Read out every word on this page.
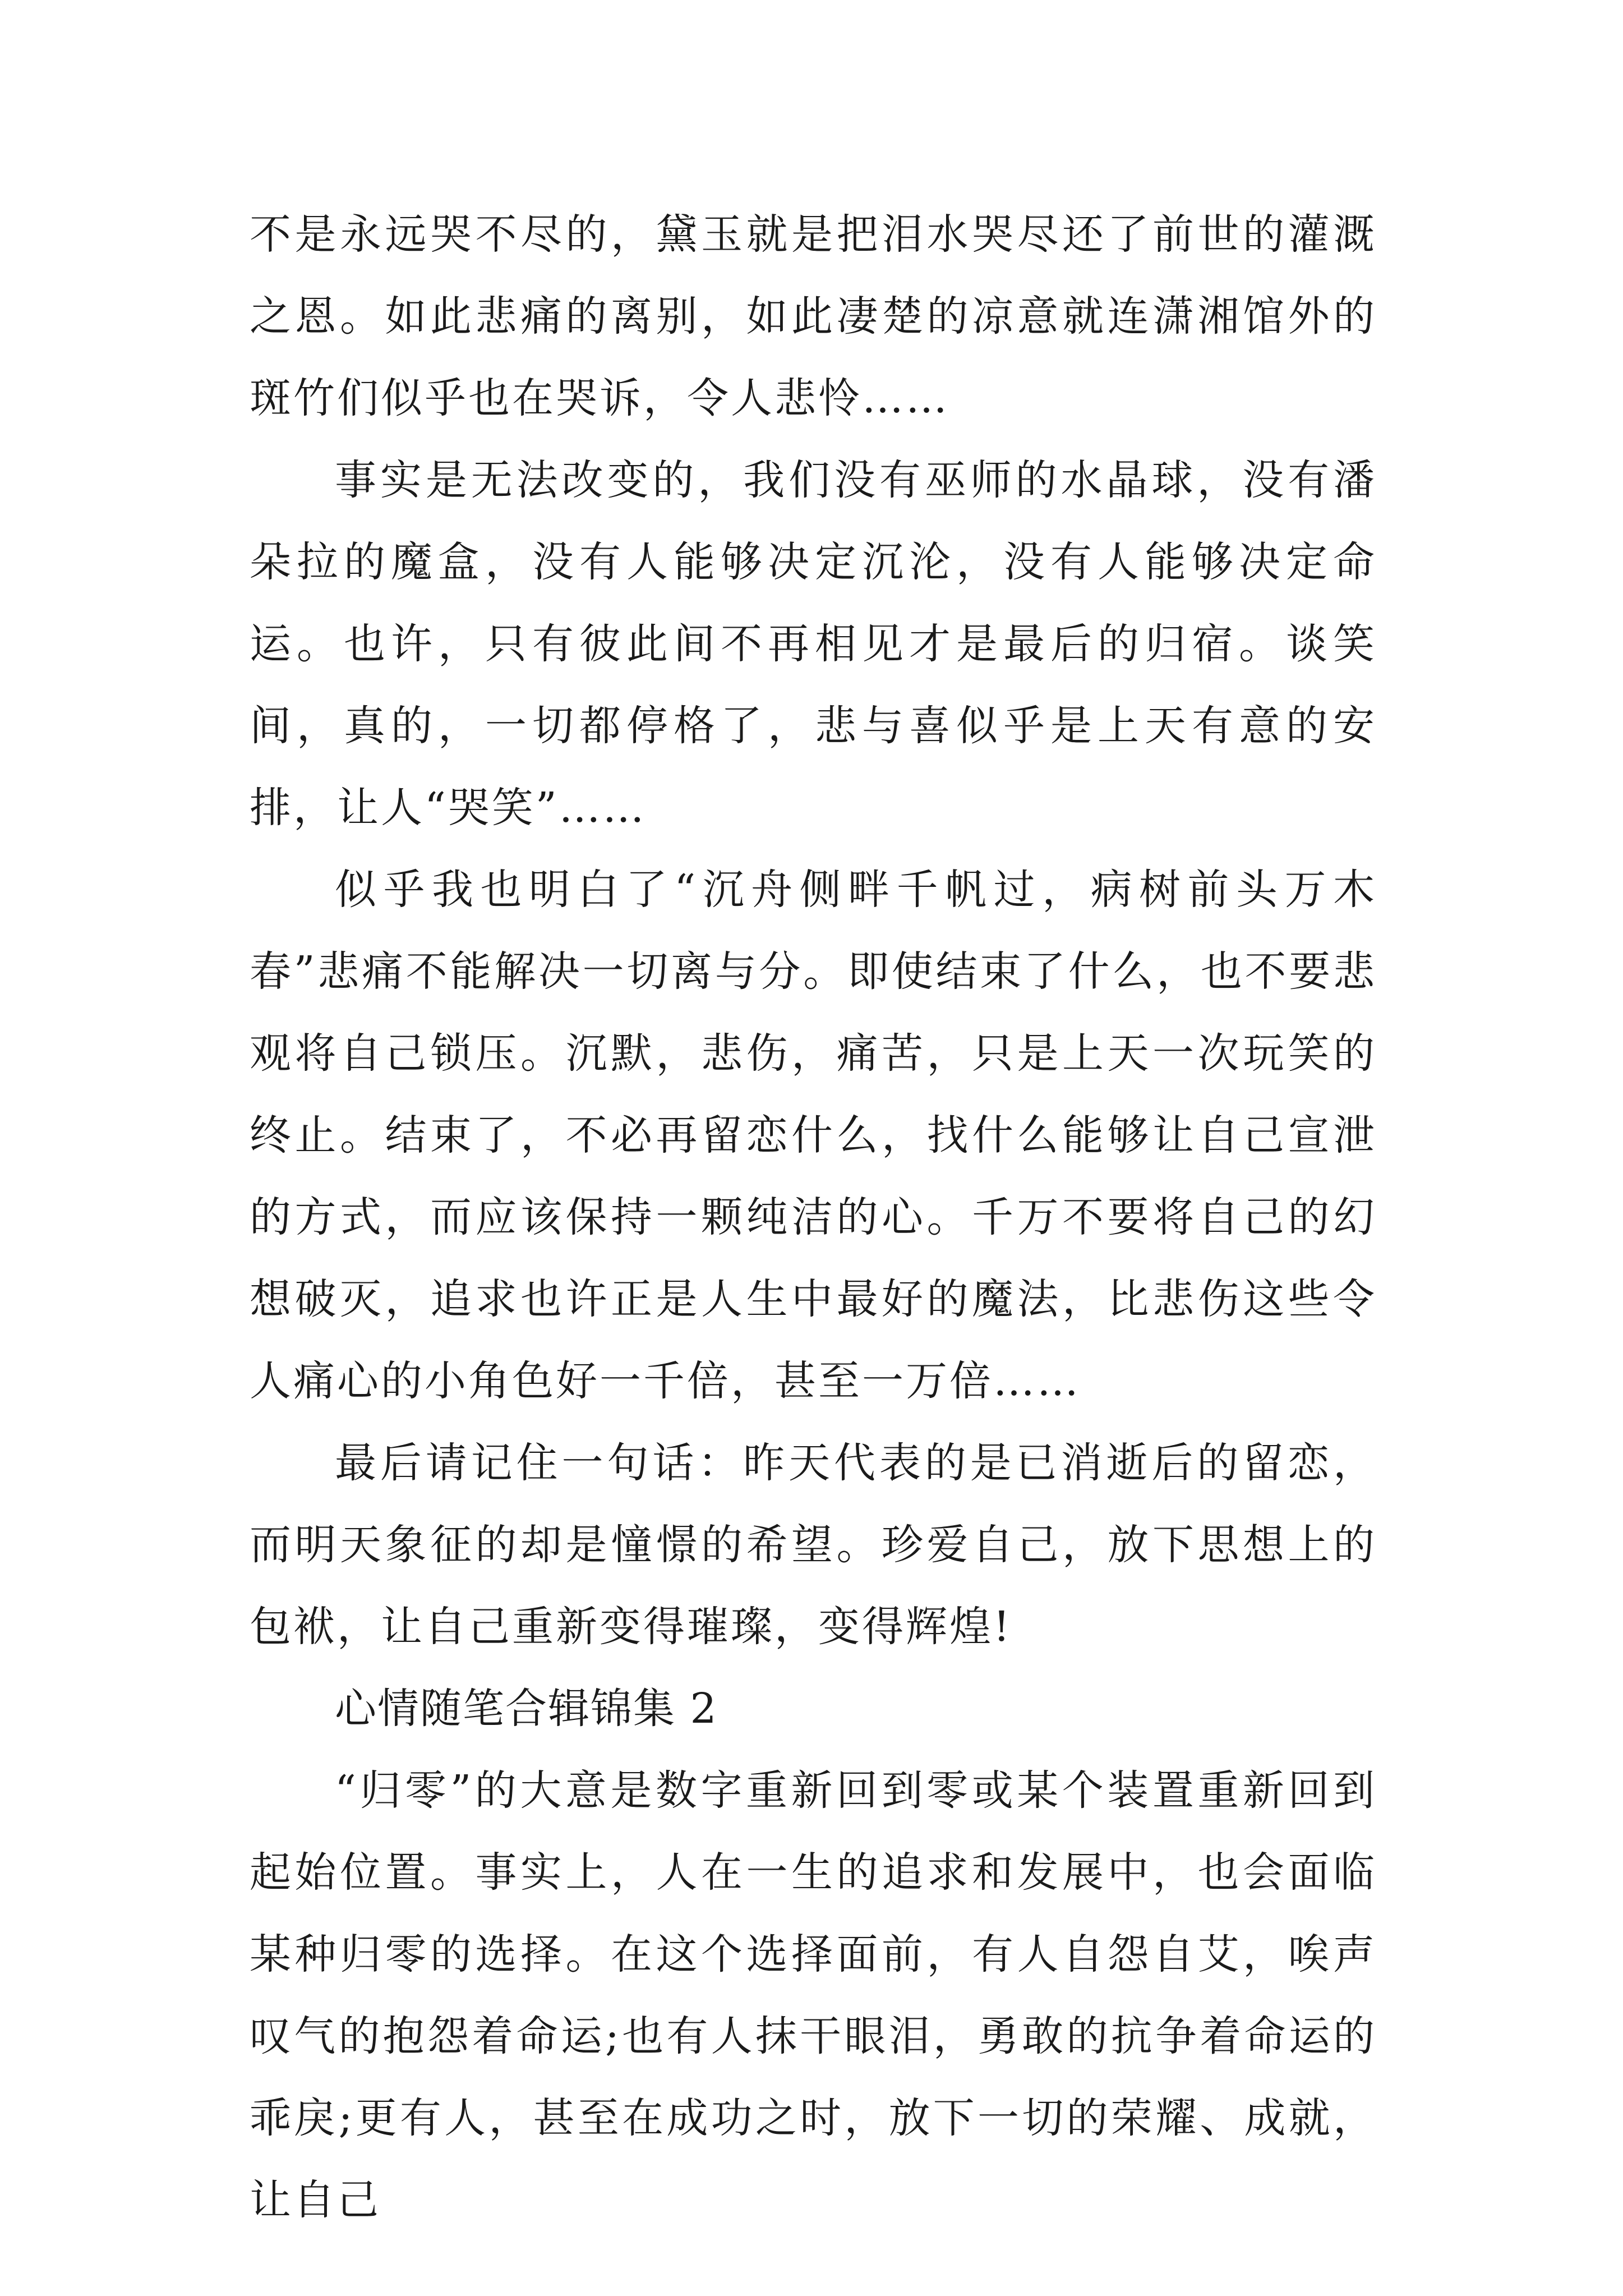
不是永远哭不尽的，黛玉就是把泪水哭尽还了前世的灌溉之恩。如此悲痛的离别，如此凄楚的凉意就连潇湘馆外的斑竹们似乎也在哭诉，令人悲怜……

事实是无法改变的，我们没有巫师的水晶球，没有潘朵拉的魔盒，没有人能够决定沉沦，没有人能够决定命运。也许，只有彼此间不再相见才是最后的归宿。谈笑间，真的，一切都停格了，悲与喜似乎是上天有意的安排，让人“哭笑”……

似乎我也明白了“沉舟侧畔千帆过，病树前头万木春”悲痛不能解决一切离与分。即使结束了什么，也不要悲观将自己锁压。沉默，悲伤，痛苦，只是上天一次玩笑的终止。结束了，不必再留恋什么，找什么能够让自己宣泄的方式，而应该保持一颗纯洁的心。千万不要将自己的幻想破灭，追求也许正是人生中最好的魔法，比悲伤这些令人痛心的小角色好一千倍，甚至一万倍……

最后请记住一句话：昨天代表的是已消逝后的留恋，而明天象征的却是憧憬的希望。珍爱自己，放下思想上的包袱，让自己重新变得璀璨，变得辉煌!

心情随笔合辑锦集 2

“归零”的大意是数字重新回到零或某个装置重新回到起始位置。事实上，人在一生的追求和发展中，也会面临某种归零的选择。在这个选择面前，有人自怨自艾，唉声叹气的抱怨着命运;也有人抹干眼泪，勇敢的抗争着命运的乖戾;更有人，甚至在成功之时，放下一切的荣耀、成就，让自己
